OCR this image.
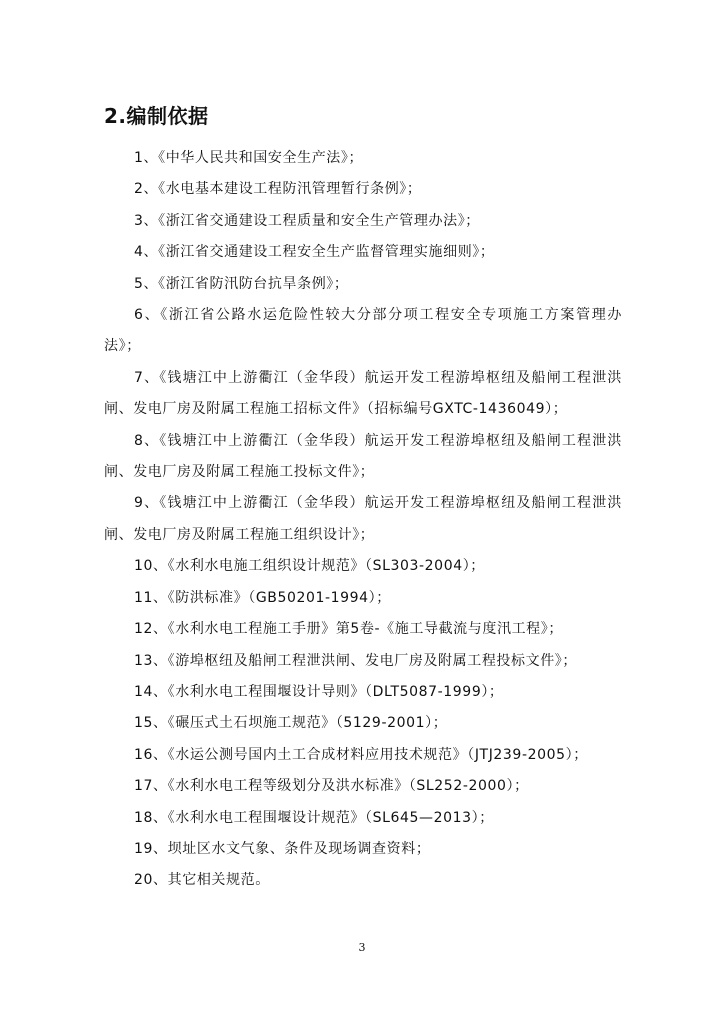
2.编制依据

1、《中华人民共和国安全生产法》；

2、《水电基本建设工程防汛管理暂行条例》；

3、《浙江省交通建设工程质量和安全生产管理办法》；

4、《浙江省交通建设工程安全生产监督管理实施细则》；

5、《浙江省防汛防台抗旱条例》；

6、《浙江省公路水运危险性较大分部分项工程安全专项施工方案管理办法》；

7、《钱塘江中上游衢江（金华段）航运开发工程游埠枢纽及船闸工程泄洪闸、发电厂房及附属工程施工招标文件》（招标编号GXTC-1436049）；

8、《钱塘江中上游衢江（金华段）航运开发工程游埠枢纽及船闸工程泄洪闸、发电厂房及附属工程施工投标文件》；

9、《钱塘江中上游衢江（金华段）航运开发工程游埠枢纽及船闸工程泄洪闸、发电厂房及附属工程施工组织设计》；

10、《水利水电施工组织设计规范》（SL303-2004）；

11、《防洪标准》（GB50201-1994）；

12、《水利水电工程施工手册》第5卷-《施工导截流与度汛工程》；

13、《游埠枢纽及船闸工程泄洪闸、发电厂房及附属工程投标文件》；

14、《水利水电工程围堰设计导则》（DLT5087-1999）；

15、《碾压式土石坝施工规范》（5129-2001）；

16、《水运公测号国内土工合成材料应用技术规范》（JTJ239-2005）；

17、《水利水电工程等级划分及洪水标准》（SL252-2000）；

18、《水利水电工程围堰设计规范》（SL645—2013）；

19、坝址区水文气象、条件及现场调查资料；

20、其它相关规范。

3
